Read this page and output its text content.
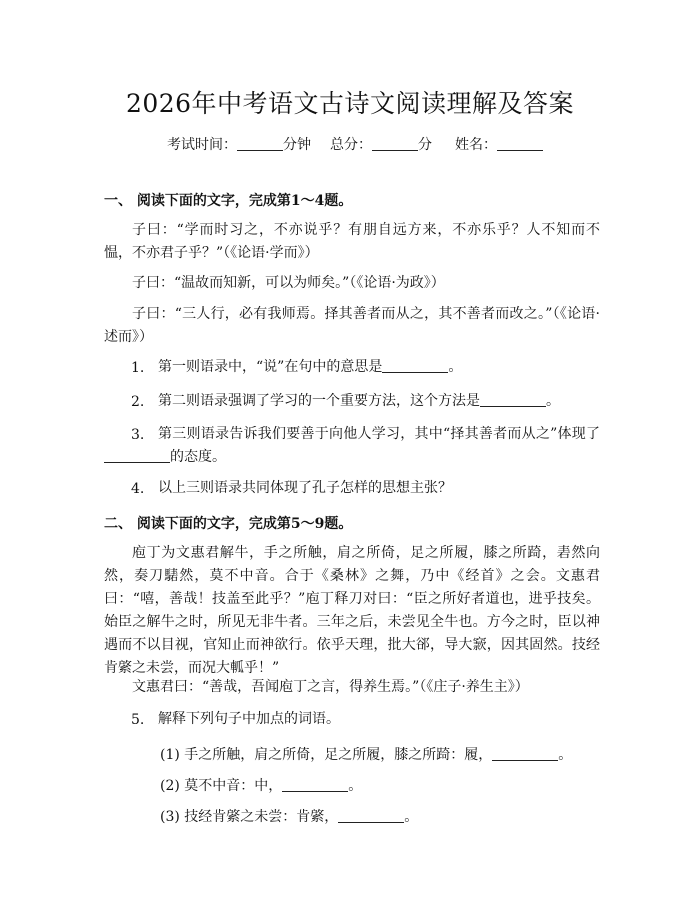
2026年中考语文古诗文阅读理解及答案
考试时间：	分钟 总分：	分 姓名：
一、 阅读下面的文字，完成第1～4题。
子曰：“学而时习之，不亦说乎？有朋自远方来，不亦乐乎？人不知而不愠，不亦君子乎？”（《论语·学而》）
子曰：“温故而知新，可以为师矣。”（《论语·为政》）
子曰：“三人行，必有我师焉。择其善者而从之，其不善者而改之。”（《论语·述而》）
1. 第一则语录中，“说”在句中的意思是	。
2. 第二则语录强调了学习的一个重要方法，这个方法是	。
3. 第三则语录告诉我们要善于向他人学习，其中“择其善者而从之”体现了的态度。
4. 以上三则语录共同体现了孔子怎样的思想主张？
二、 阅读下面的文字，完成第5～9题。
庖丁为文惠君解牛，手之所触，肩之所倚，足之所履，膝之所踦，砉然向然，奏刀騞然，莫不中音。合于《桑林》之舞，乃中《经首》之会。文惠君曰：“嘻，善哉！技盖至此乎？”庖丁释刀对曰：“臣之所好者道也，进乎技矣。始臣之解牛之时，所见无非牛者。三年之后，未尝见全牛也。方今之时，臣以神遇而不以目视，官知止而神欲行。依乎天理，批大郤，导大窾，因其固然。技经肯綮之未尝，而况大軱乎！”
文惠君曰：“善哉，吾闻庖丁之言，得养生焉。”（《庄子·养生主》）
5. 解释下列句子中加点的词语。
(1) 手之所触，肩之所倚，足之所履，膝之所踦：履，	。
(2) 莫不中音：中，	。
(3) 技经肯綮之未尝：肯綮，	。
